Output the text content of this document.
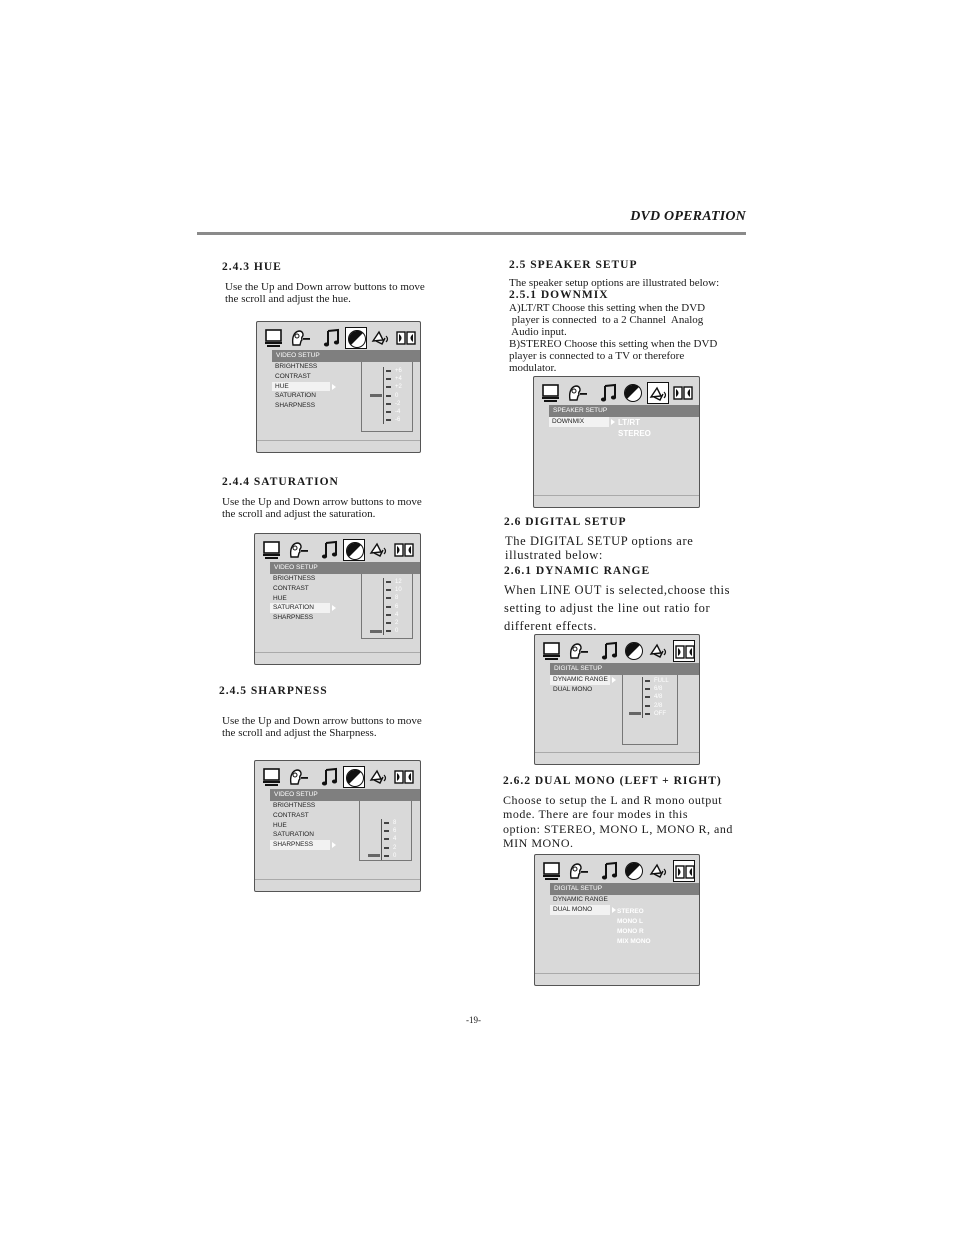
DVD OPERATION
2.4.3 HUE
Use the Up and Down arrow buttons to move
the scroll and adjust the hue.
VIDEO SETUP
BRIGHTNESS
CONTRAST
HUE
SATURATION
SHARPNESS
+6
+4
+2
0
-2
-4
-6
2.4.4 SATURATION
Use the Up and Down arrow buttons to move
the scroll and adjust the saturation.
VIDEO SETUP
BRIGHTNESS
CONTRAST
HUE
SATURATION
SHARPNESS
12
10
8
6
4
2
0
2.4.5 SHARPNESS
Use the Up and Down arrow buttons to move
the scroll and adjust the Sharpness.
VIDEO SETUP
BRIGHTNESS
CONTRAST
HUE
SATURATION
SHARPNESS
8
6
4
2
0
2.5 SPEAKER SETUP
The speaker setup options are illustrated below:
2.5.1 DOWNMIX
A)LT/RT Choose this setting when the DVD
player is connected  to a 2 Channel  Analog
Audio input.
B)STEREO Choose this setting when the DVD
player is connected to a TV or therefore
modulator.
SPEAKER SETUP
DOWNMIX	LT/RT
STEREO
2.6 DIGITAL SETUP
The DIGITAL SETUP options are
illustrated below:
2.6.1 DYNAMIC RANGE
When LINE OUT is selected,choose this
setting to adjust the line out ratio for
different effects.
DIGITAL SETUP
DYNAMIC RANGE
DUAL MONO
FULL
6/8
4/8
2/8
OFF
2.6.2 DUAL MONO (LEFT + RIGHT)
Choose to setup the L and R mono output
mode. There are four modes in this
option: STEREO, MONO L, MONO R, and
MIN MONO.
DIGITAL SETUP
DYNAMIC RANGE
DUAL MONO	STEREO
MONO L
MONO R
MIX MONO
-19-
